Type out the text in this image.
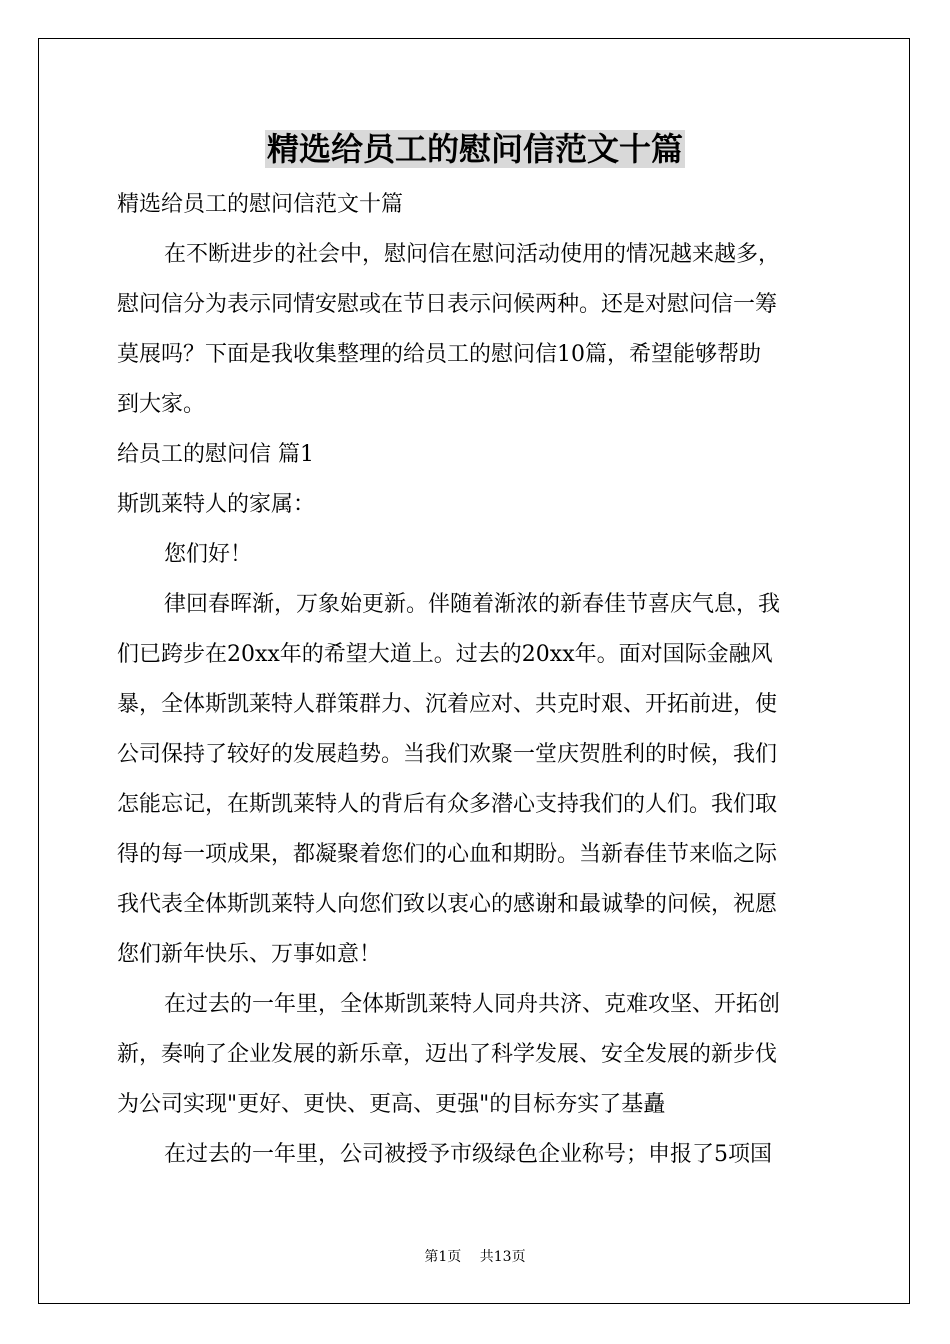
精选给员工的慰问信范文十篇
精选给员工的慰问信范文十篇
在不断进步的社会中，慰问信在慰问活动使用的情况越来越多，
慰问信分为表示同情安慰或在节日表示问候两种。还是对慰问信一筹
莫展吗？下面是我收集整理的给员工的慰问信10篇，希望能够帮助
到大家。
给员工的慰问信 篇1
斯凯莱特人的家属：
您们好！
律回春晖渐，万象始更新。伴随着渐浓的新春佳节喜庆气息，我
们已跨步在20xx年的希望大道上。过去的20xx年。面对国际金融风
暴，全体斯凯莱特人群策群力、沉着应对、共克时艰、开拓前进，使
公司保持了较好的发展趋势。当我们欢聚一堂庆贺胜利的时候，我们
怎能忘记，在斯凯莱特人的背后有众多潜心支持我们的人们。我们取
得的每一项成果，都凝聚着您们的心血和期盼。当新春佳节来临之际
我代表全体斯凯莱特人向您们致以衷心的感谢和最诚挚的问候，祝愿
您们新年快乐、万事如意！
在过去的一年里，全体斯凯莱特人同舟共济、克难攻坚、开拓创
新，奏响了企业发展的新乐章，迈出了科学发展、安全发展的新步伐
为公司实现"更好、更快、更高、更强"的目标夯实了基矗
在过去的一年里，公司被授予市级绿色企业称号；申报了5项国
第1页 共13页
